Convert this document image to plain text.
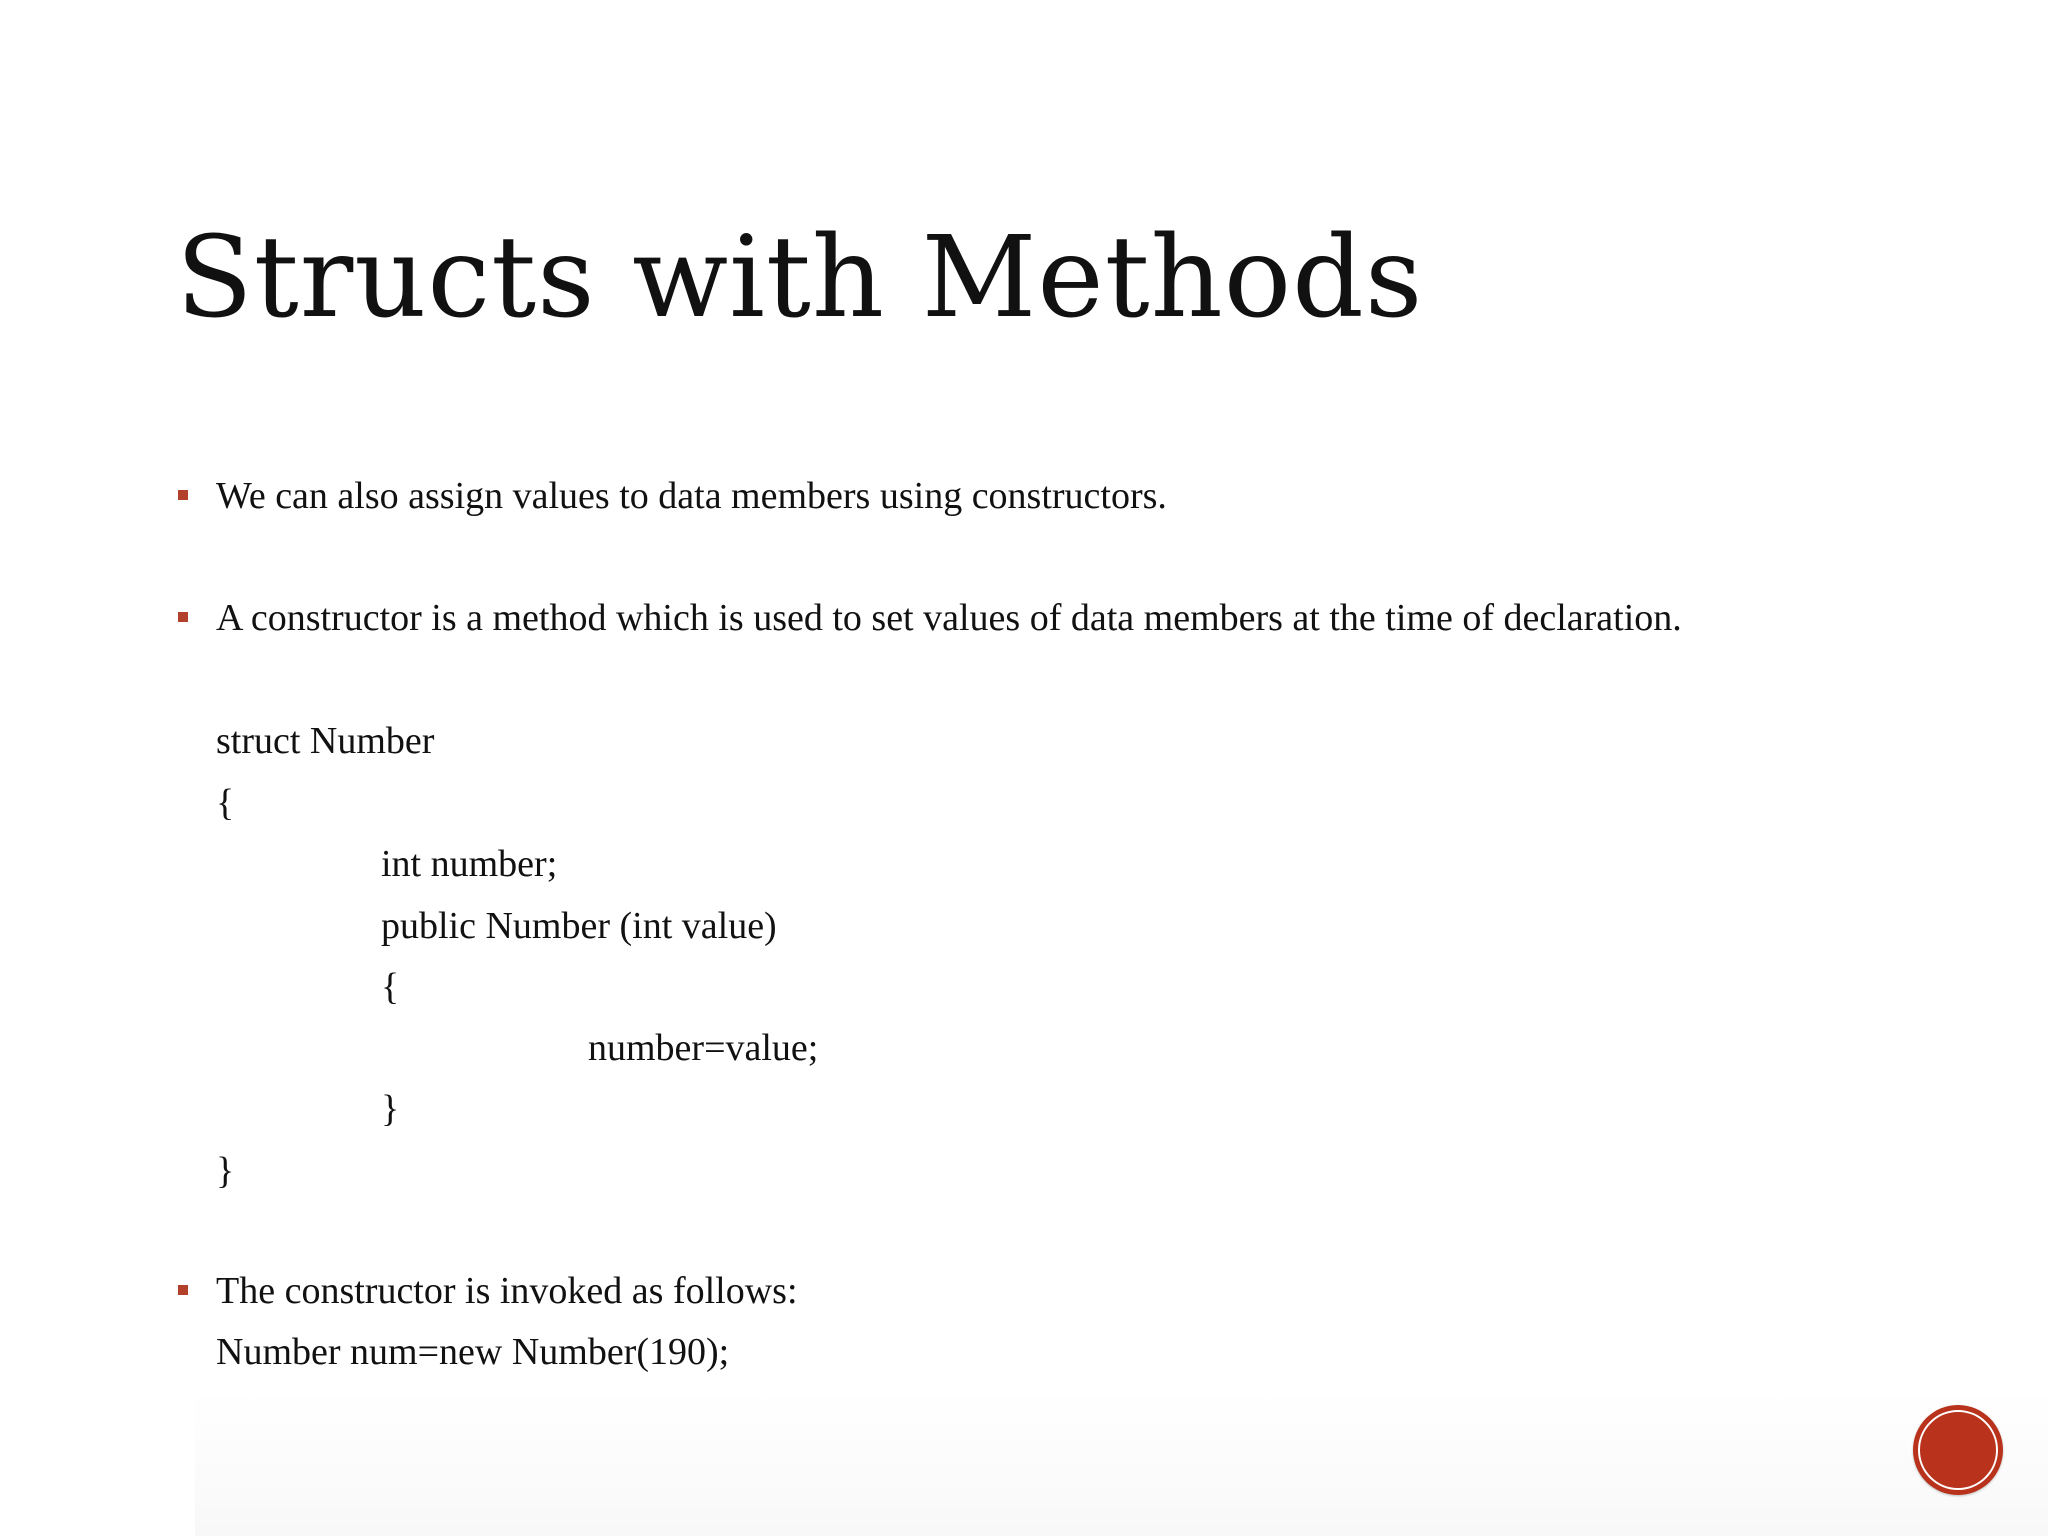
Structs with Methods
We can also assign values to data members using constructors.
A constructor is a method which is used to set values of data members at the time of declaration.
struct Number
{
int number;
public Number (int value)
{
number=value;
}
}
The constructor is invoked as follows:
Number num=new Number(190);
